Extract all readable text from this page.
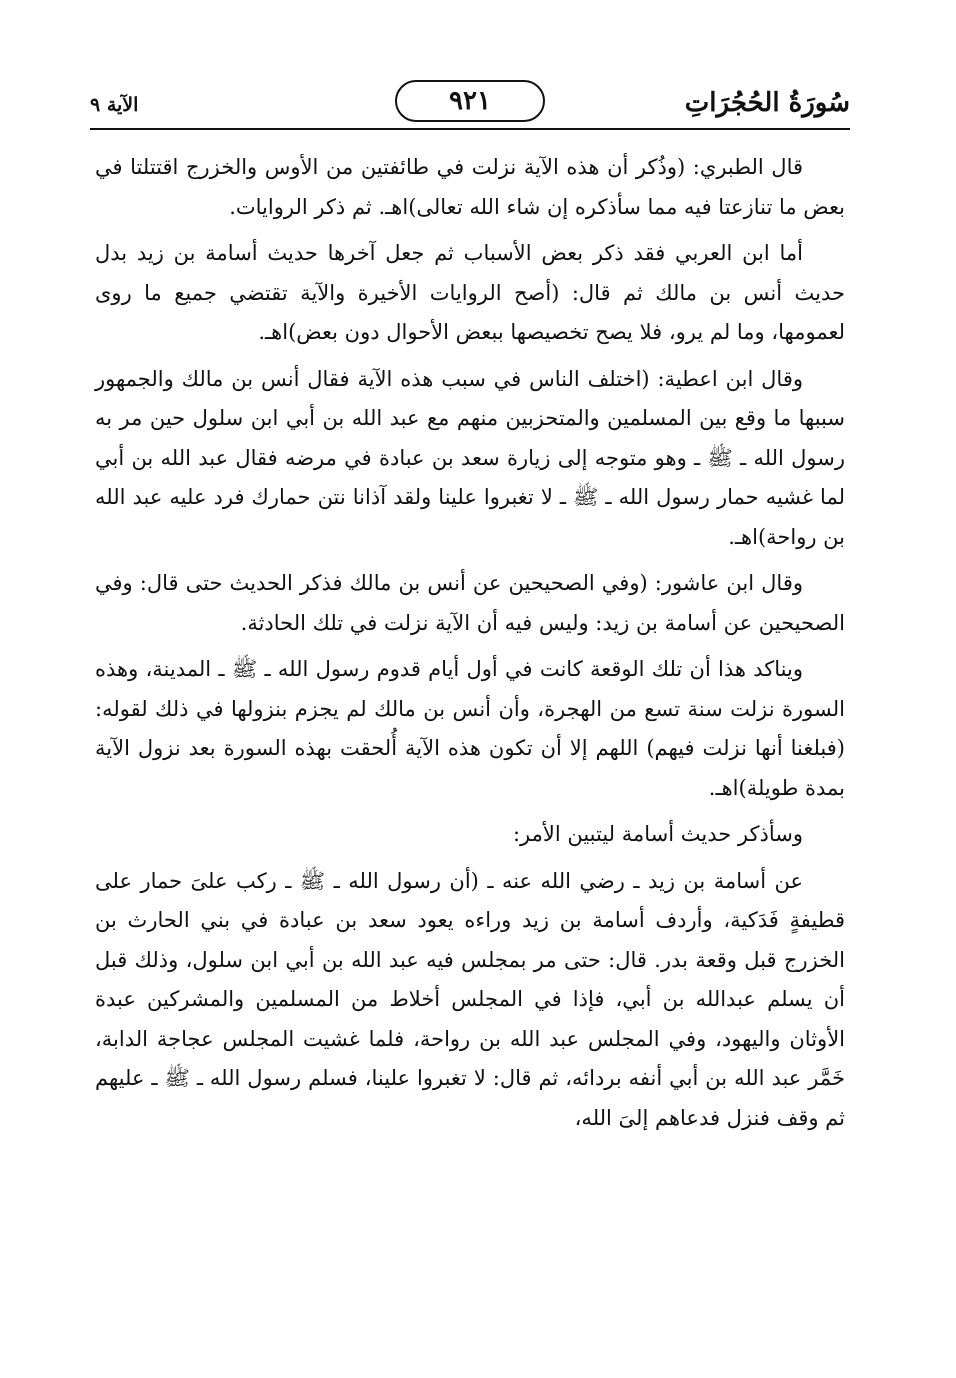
سُورَةُ الحُجُرَاتِ
٩٢١
الآية ٩

قال الطبري: (وذُكر أن هذه الآية نزلت في طائفتين من الأوس والخزرج اقتتلتا في بعض ما تنازعتا فيه مما سأذكره إن شاء الله تعالى)اهـ. ثم ذكر الروايات.

أما ابن العربي فقد ذكر بعض الأسباب ثم جعل آخرها حديث أسامة بن زيد بدل حديث أنس بن مالك ثم قال: (أصح الروايات الأخيرة والآية تقتضي جميع ما روى لعمومها، وما لم يرو، فلا يصح تخصيصها ببعض الأحوال دون بعض)اهـ.

وقال ابن اعطية: (اختلف الناس في سبب هذه الآية فقال أنس بن مالك والجمهور سببها ما وقع بين المسلمين والمتحزبين منهم مع عبد الله بن أبي ابن سلول حين مر به رسول الله ـ ﷺ ـ وهو متوجه إلى زيارة سعد بن عبادة في مرضه فقال عبد الله بن أبي لما غشيه حمار رسول الله ـ ﷺ ـ لا تغبروا علينا ولقد آذانا نتن حمارك فرد عليه عبد الله بن رواحة)اهـ.

وقال ابن عاشور: (وفي الصحيحين عن أنس بن مالك فذكر الحديث حتى قال: وفي الصحيحين عن أسامة بن زيد: وليس فيه أن الآية نزلت في تلك الحادثة.

ويناكد هذا أن تلك الوقعة كانت في أول أيام قدوم رسول الله ـ ﷺ ـ المدينة، وهذه السورة نزلت سنة تسع من الهجرة، وأن أنس بن مالك لم يجزم بنزولها في ذلك لقوله: (فبلغنا أنها نزلت فيهم) اللهم إلا أن تكون هذه الآية أُلحقت بهذه السورة بعد نزول الآية بمدة طويلة)اهـ.

وسأذكر حديث أسامة ليتبين الأمر:

عن أسامة بن زيد ـ رضي الله عنه ـ (أن رسول الله ـ ﷺ ـ ركب علىَ حمار على قطيفةٍ فَدَكية، وأردف أسامة بن زيد وراءه يعود سعد بن عبادة في بني الحارث بن الخزرج قبل وقعة بدر. قال: حتى مر بمجلس فيه عبد الله بن أبي ابن سلول، وذلك قبل أن يسلم عبدالله بن أبي، فإذا في المجلس أخلاط من المسلمين والمشركين عبدة الأوثان واليهود، وفي المجلس عبد الله بن رواحة، فلما غشيت المجلس عجاجة الدابة، خَمَّر عبد الله بن أبي أنفه بردائه، ثم قال: لا تغبروا علينا، فسلم رسول الله ـ ﷺ ـ عليهم ثم وقف فنزل فدعاهم إلىَ الله،
